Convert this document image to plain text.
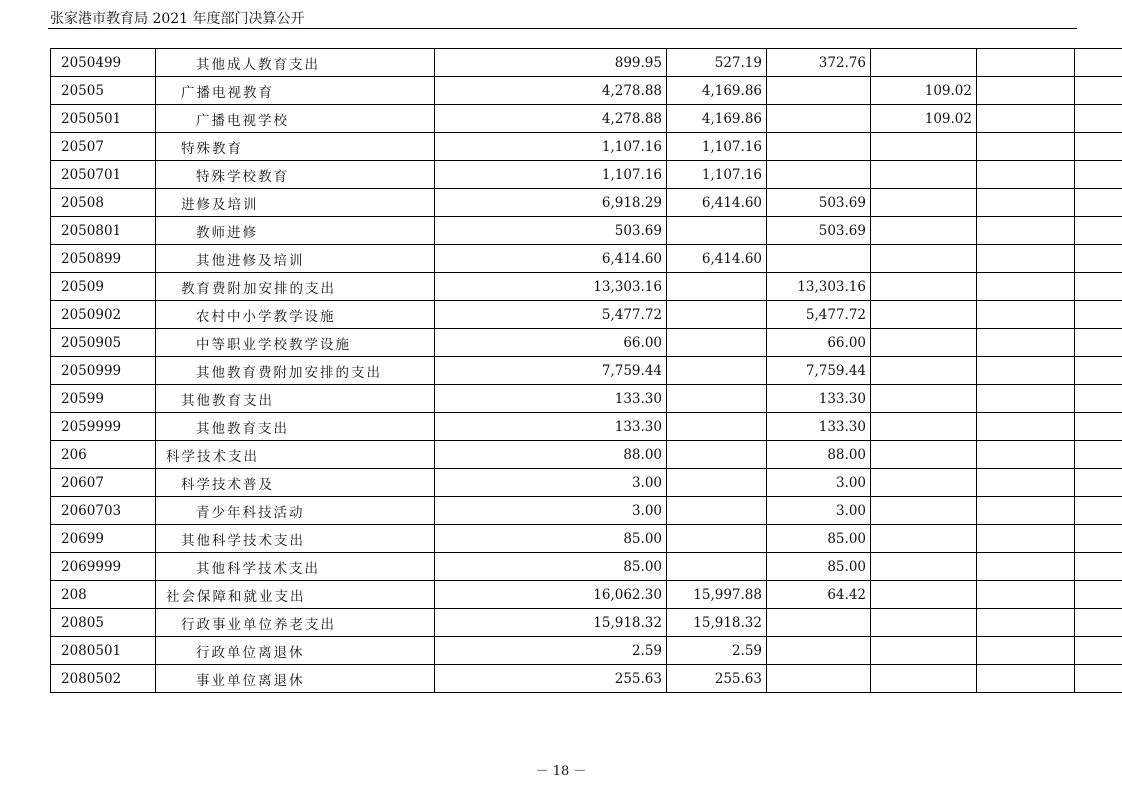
张家港市教育局 2021 年度部门决算公开
2050499	其他成人教育支出	899.95	527.19	372.76			
20505	广播电视教育	4,278.88	4,169.86		109.02		
2050501	广播电视学校	4,278.88	4,169.86		109.02		
20507	特殊教育	1,107.16	1,107.16				
2050701	特殊学校教育	1,107.16	1,107.16				
20508	进修及培训	6,918.29	6,414.60	503.69			
2050801	教师进修	503.69		503.69			
2050899	其他进修及培训	6,414.60	6,414.60				
20509	教育费附加安排的支出	13,303.16		13,303.16			
2050902	农村中小学教学设施	5,477.72		5,477.72			
2050905	中等职业学校教学设施	66.00		66.00			
2050999	其他教育费附加安排的支出	7,759.44		7,759.44			
20599	其他教育支出	133.30		133.30			
2059999	其他教育支出	133.30		133.30			
206	科学技术支出	88.00		88.00			
20607	科学技术普及	3.00		3.00			
2060703	青少年科技活动	3.00		3.00			
20699	其他科学技术支出	85.00		85.00			
2069999	其他科学技术支出	85.00		85.00			
208	社会保障和就业支出	16,062.30	15,997.88	64.42			
20805	行政事业单位养老支出	15,918.32	15,918.32				
2080501	行政单位离退休	2.59	2.59				
2080502	事业单位离退休	255.63	255.63				
－ 18 －
